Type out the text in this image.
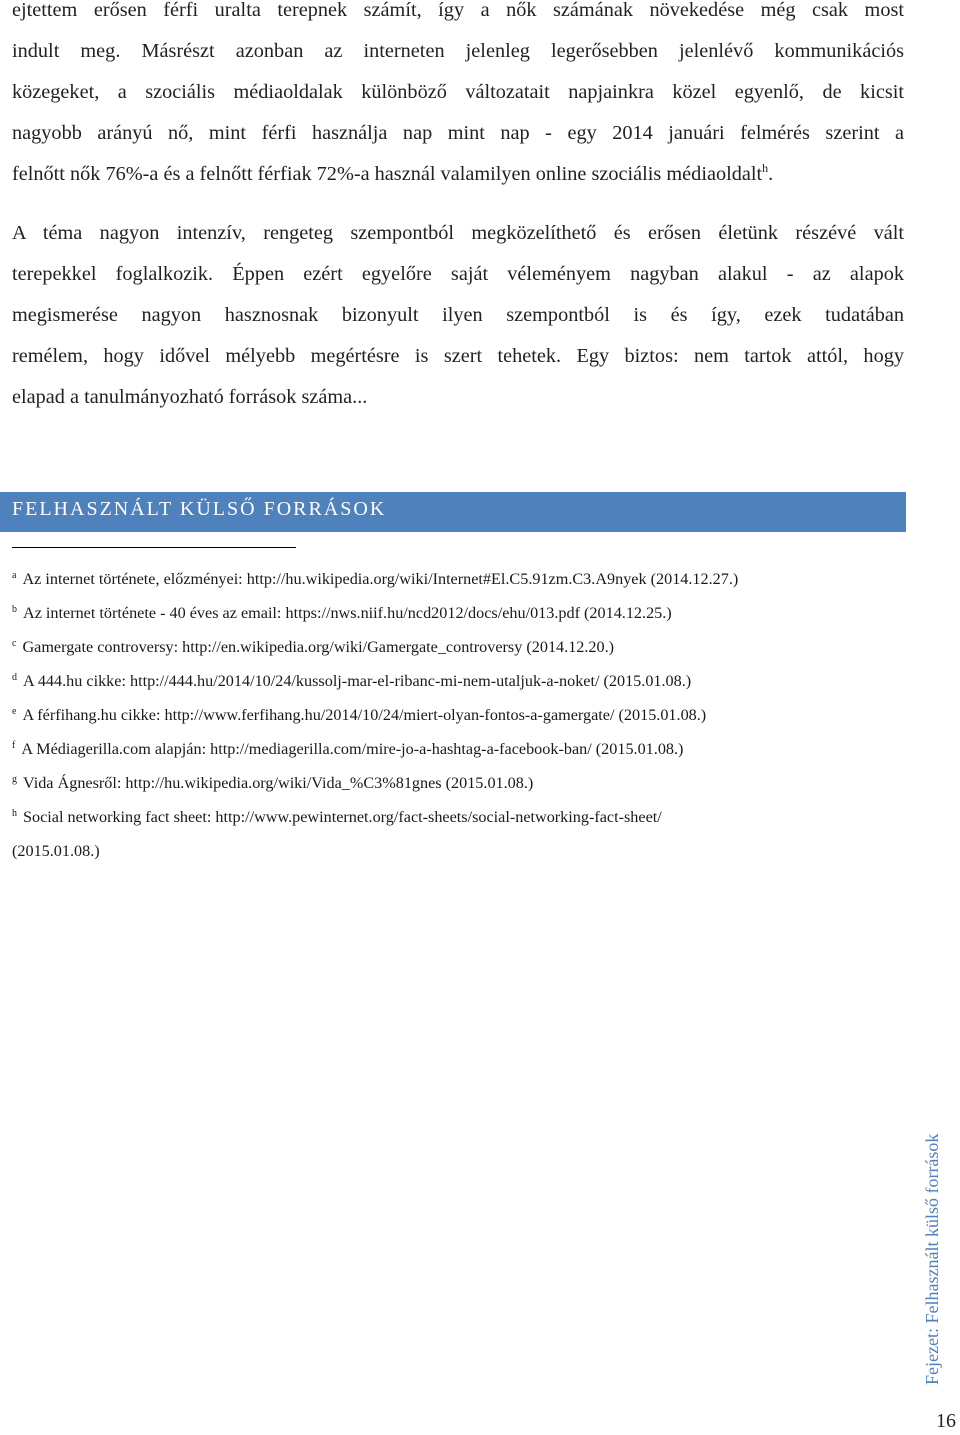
ejtettem erősen férfi uralta terepnek számít, így a nők számának növekedése még csak most
indult meg. Másrészt azonban az interneten jelenleg legerősebben jelenlévő kommunikációs
közegeket, a szociális médiaoldalak különböző változatait napjainkra közel egyenlő, de kicsit
nagyobb arányú nő, mint férfi használja nap mint nap - egy 2014 januári felmérés szerint a
felnőtt nők 76%-a és a felnőtt férfiak 72%-a használ valamilyen online szociális médiaoldalt$^h$.
A téma nagyon intenzív, rengeteg szempontból megközelíthető és erősen életünk részévé vált
terepekkel foglalkozik. Éppen ezért egyelőre saját véleményem nagyban alakul - az alapok
megismerése nagyon hasznosnak bizonyult ilyen szempontból is és így, ezek tudatában
remélem, hogy idővel mélyebb megértésre is szert tehetek. Egy biztos: nem tartok attól, hogy
elapad a tanulmányozható források száma...
FELHASZNÁLT KÜLSŐ FORRÁSOK
$^a$ Az internet története, előzményei: http://hu.wikipedia.org/wiki/Internet#El.C5.91zm.C3.A9nyek (2014.12.27.)
$^b$ Az internet története - 40 éves az email: https://nws.niif.hu/ncd2012/docs/ehu/013.pdf (2014.12.25.)
$^c$ Gamergate controversy: http://en.wikipedia.org/wiki/Gamergate_controversy (2014.12.20.)
$^d$ A 444.hu cikke: http://444.hu/2014/10/24/kussolj-mar-el-ribanc-mi-nem-utaljuk-a-noket/ (2015.01.08.)
$^e$ A férfihang.hu cikke: http://www.ferfihang.hu/2014/10/24/miert-olyan-fontos-a-gamergate/ (2015.01.08.)
$^f$ A Médiagerilla.com alapján: http://mediagerilla.com/mire-jo-a-hashtag-a-facebook-ban/ (2015.01.08.)
$^g$ Vida Ágnesről: http://hu.wikipedia.org/wiki/Vida_%C3%81gnes (2015.01.08.)
$^h$ Social networking fact sheet: http://www.pewinternet.org/fact-sheets/social-networking-fact-sheet/
(2015.01.08.)
Fejezet: Felhasznált külső források
16
